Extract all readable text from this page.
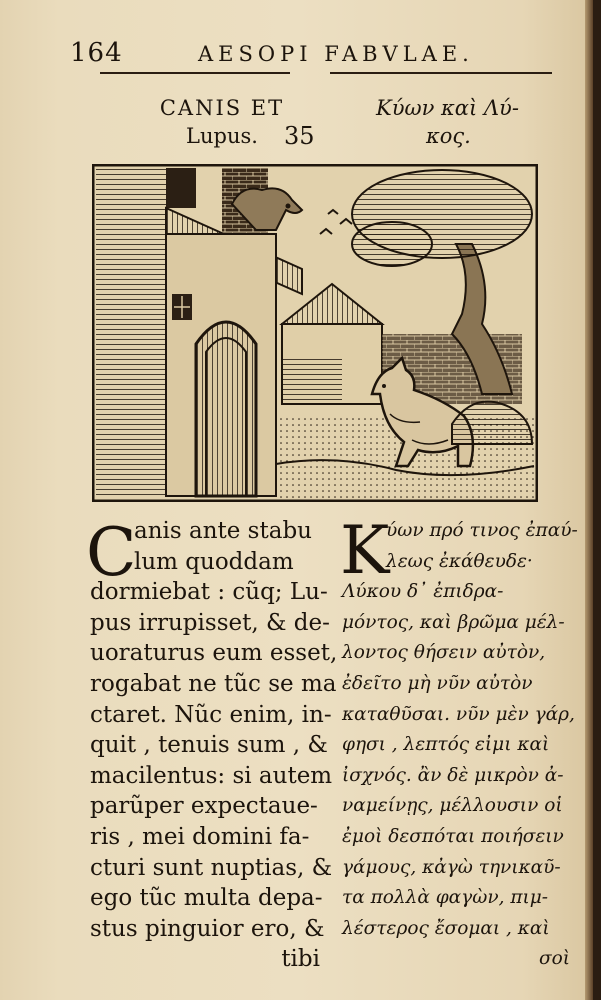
164	AESOPI FABVLAE.
CANIS ET
Lupus.	35
Κύων καὶ Λύ-
κος.
C
anis ante stabu
lum quoddam
dormiebat : cũq; Lu-
pus irrupisset, & de-
uoraturus eum esset,
rogabat ne tũc se ma
ctaret. Nũc enim, in-
quit , tenuis sum , &
macilentus: si autem
parũper expectaue-
ris , mei domini fa-
cturi sunt nuptias, &
ego tũc multa depa-
stus pinguior ero, &
tibi
Κ
ύων πρό τινος ἐπαύ-
λεως ἐκάθευδε·
Λύκου δ᾽ ἐπιδρα-
μόντος, καὶ βρῶμα μέλ-
λοντος θήσειν αὐτὸν,
ἐδεῖτο μὴ νῦν αὐτὸν
καταθῦσαι. νῦν μὲν γάρ,
φησι , λεπτός εἰμι καὶ
ἰσχνός. ἂν δὲ μικρὸν ἀ-
ναμείνῃς, μέλλουσιν οἱ
ἐμοὶ δεσπόται ποιήσειν
γάμους, κἀγὼ τηνικαῦ-
τα πολλὰ φαγὼν, πιμ-
λέστερος ἔσομαι , καὶ
σοὶ
